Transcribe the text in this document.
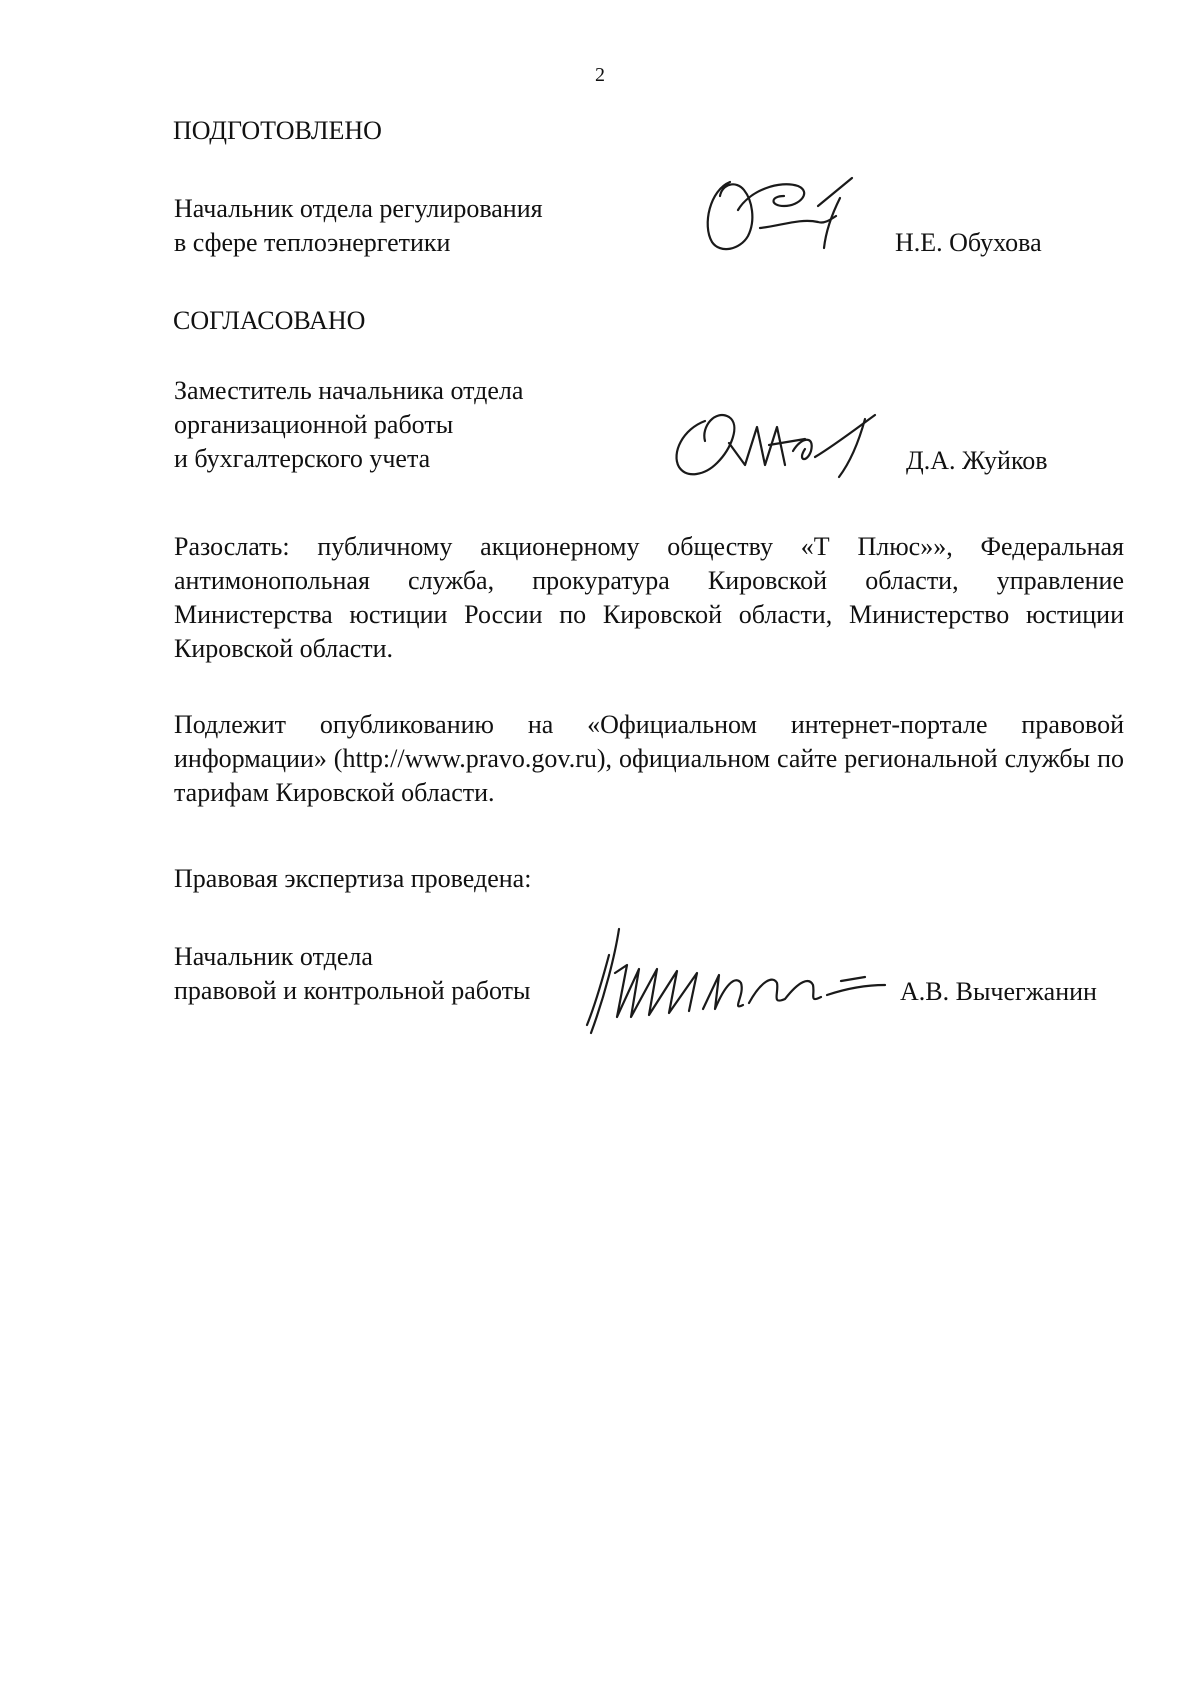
2
ПОДГОТОВЛЕНО
Начальник отдела регулирования
в сфере теплоэнергетики	Н.Е. Обухова
СОГЛАСОВАНО
Заместитель начальника отдела
организационной работы
и бухгалтерского учета	Д.А. Жуйков
Разослать: публичному акционерному обществу «Т Плюс»», Федеральная антимонопольная служба, прокуратура Кировской области, управление Министерства юстиции России по Кировской области, Министерство юстиции Кировской области.
Подлежит опубликованию на «Официальном интернет-портале правовой информации» (http://www.pravo.gov.ru), официальном сайте региональной службы по тарифам Кировской области.
Правовая экспертиза проведена:
Начальник отдела
правовой и контрольной работы	А.В. Вычегжанин
